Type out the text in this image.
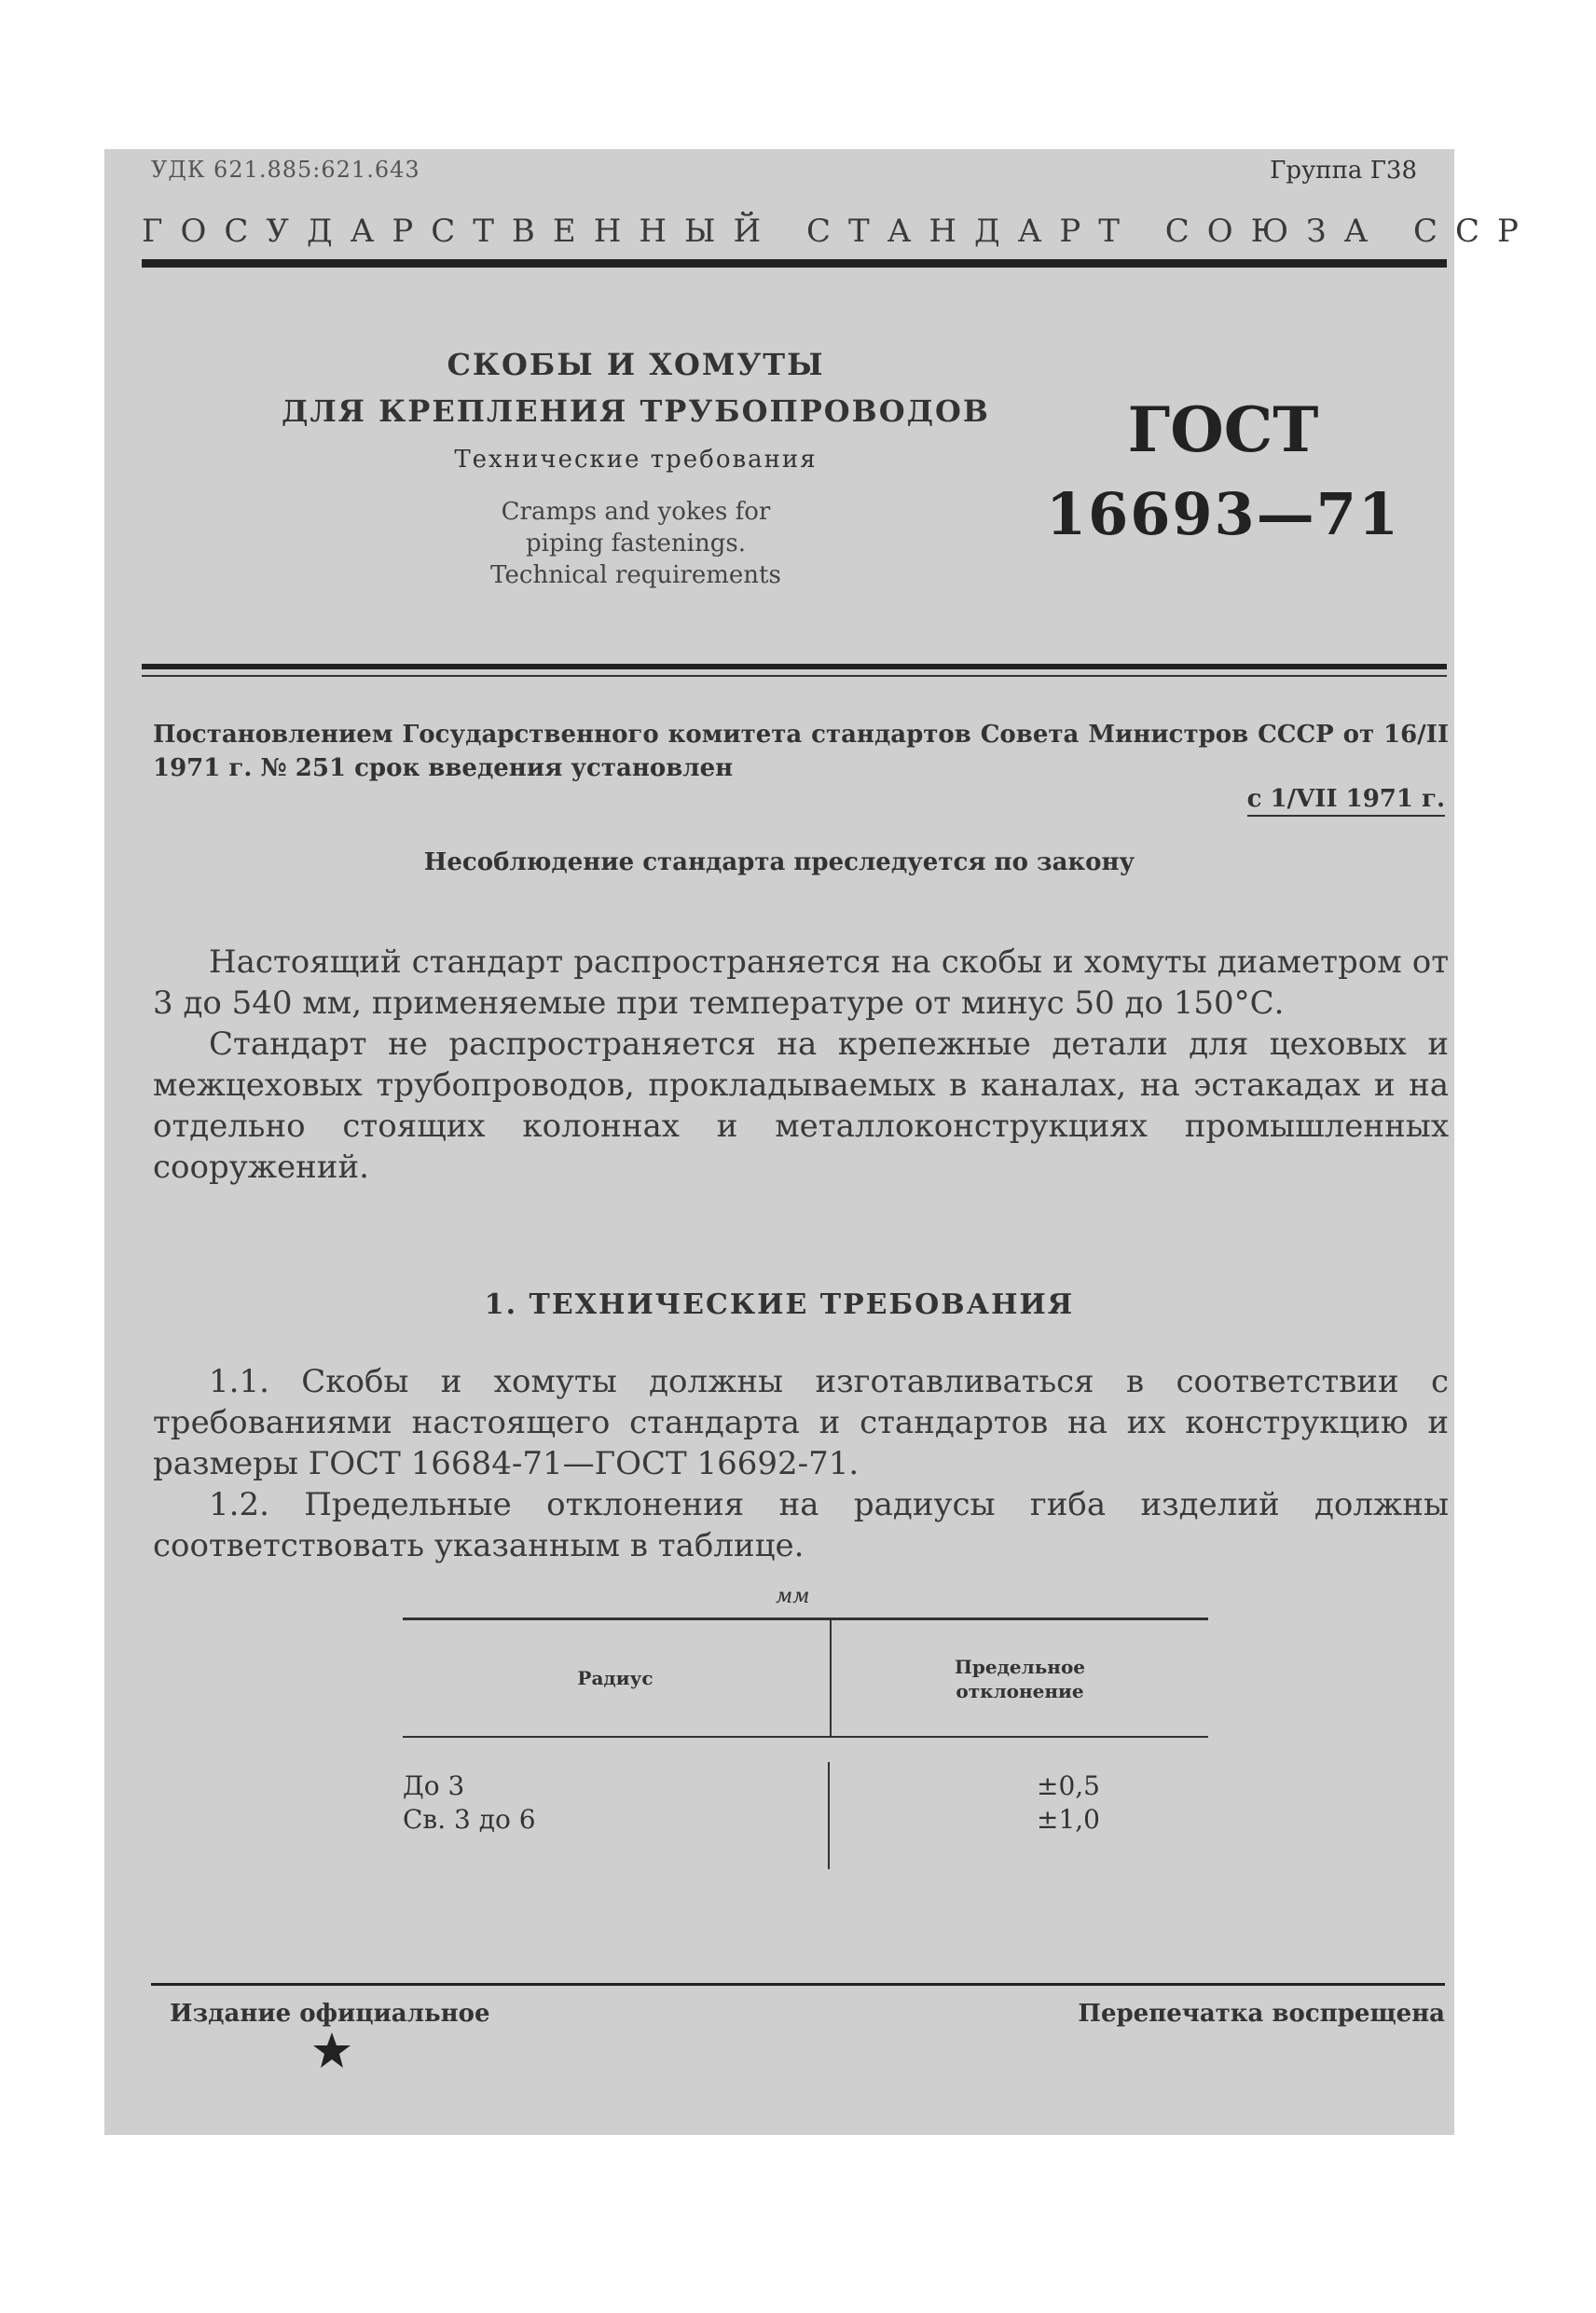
УДК 621.885:621.643	Группа Г38
ГОСУДАРСТВЕННЫЙ СТАНДАРТ СОЮЗА ССР
СКОБЫ И ХОМУТЫ
ДЛЯ КРЕПЛЕНИЯ ТРУБОПРОВОДОВ
Технические требования
Cramps and yokes for
piping fastenings.
Technical requirements
ГОСТ
16693—71
Постановлением Государственного комитета стандартов Совета Министров СССР от 16/II 1971 г. № 251 срок введения установлен
с 1/VII 1971 г.
Несоблюдение стандарта преследуется по закону

Настоящий стандарт распространяется на скобы и хомуты диаметром от 3 до 540 мм, применяемые при температуре от минус 50 до 150°С.

Стандарт не распространяется на крепежные детали для цеховых и межцеховых трубопроводов, прокладываемых в каналах, на эстакадах и на отдельно стоящих колоннах и металлоконструкциях промышленных сооружений.

1. ТЕХНИЧЕСКИЕ ТРЕБОВАНИЯ

1.1. Скобы и хомуты должны изготавливаться в соответствии с требованиями настоящего стандарта и стандартов на их конструкцию и размеры ГОСТ 16684-71—ГОСТ 16692-71.

1.2. Предельные отклонения на радиусы гиба изделий должны соответствовать указанным в таблице.

мм
Радиус	Предельное
отклонение
До 3	±0,5
Св. 3 до 6	±1,0
Издание официальное	Перепечатка воспрещена
